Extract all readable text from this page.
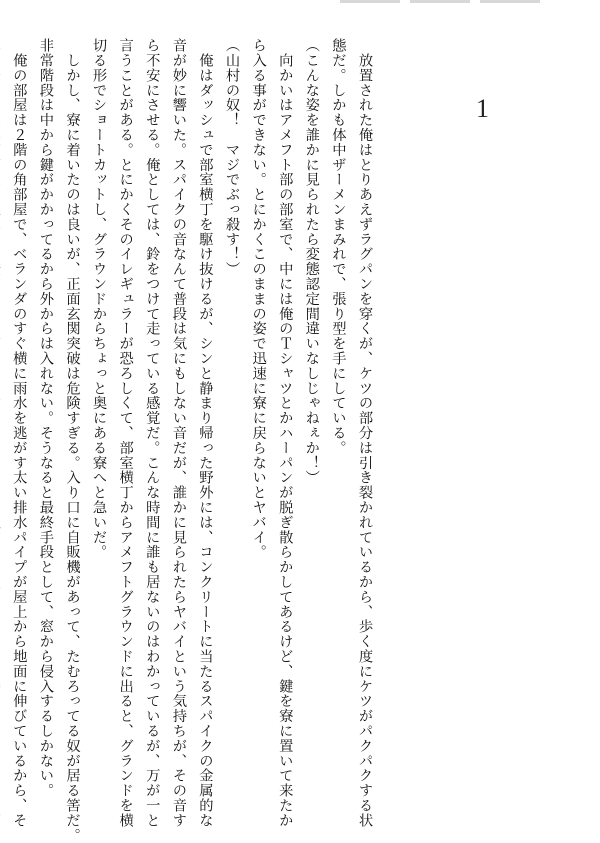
1
　放置された俺はとりあえずラグパンを穿くが、ケツの部分は引き裂かれているから、歩く度にケツがパクパクする状
態だ。しかも体中ザーメンまみれで、張り型を手にしている。
（こんな姿を誰かに見られたら変態認定間違いなしじゃねぇか！）
　向かいはアメフト部の部室で、中には俺のＴシャツとかハーパンが脱ぎ散らかしてあるけど、鍵を寮に置いて来たか
ら入る事ができない。とにかくこのままの姿で迅速に寮に戻らないとヤバイ。
（山村の奴！　マジでぶっ殺す！）
　俺はダッシュで部室横丁を駆け抜けるが、シンと静まり帰った野外には、コンクリートに当たるスパイクの金属的な
音が妙に響いた。スパイクの音なんて普段は気にもしない音だが、誰かに見られたらヤバイという気持ちが、その音す
ら不安にさせる。俺としては、鈴をつけて走っている感覚だ。こんな時間に誰も居ないのはわかっているが、万が一と
言うことがある。とにかくそのイレギュラーが恐ろしくて、部室横丁からアメフトグラウンドに出ると、グランドを横
切る形でショートカットし、グラウンドからちょっと奥にある寮へと急いだ。
　しかし、寮に着いたのは良いが、正面玄関突破は危険すぎる。入り口に自販機があって、たむろってる奴が居る筈だ。
非常階段は中から鍵がかかってるから外からは入れない。そうなると最終手段として、窓から侵入するしかない。
　俺の部屋は２階の角部屋で、ベランダのすぐ横に雨水を逃がす太い排水パイプが屋上から地面に伸びているから、そ
